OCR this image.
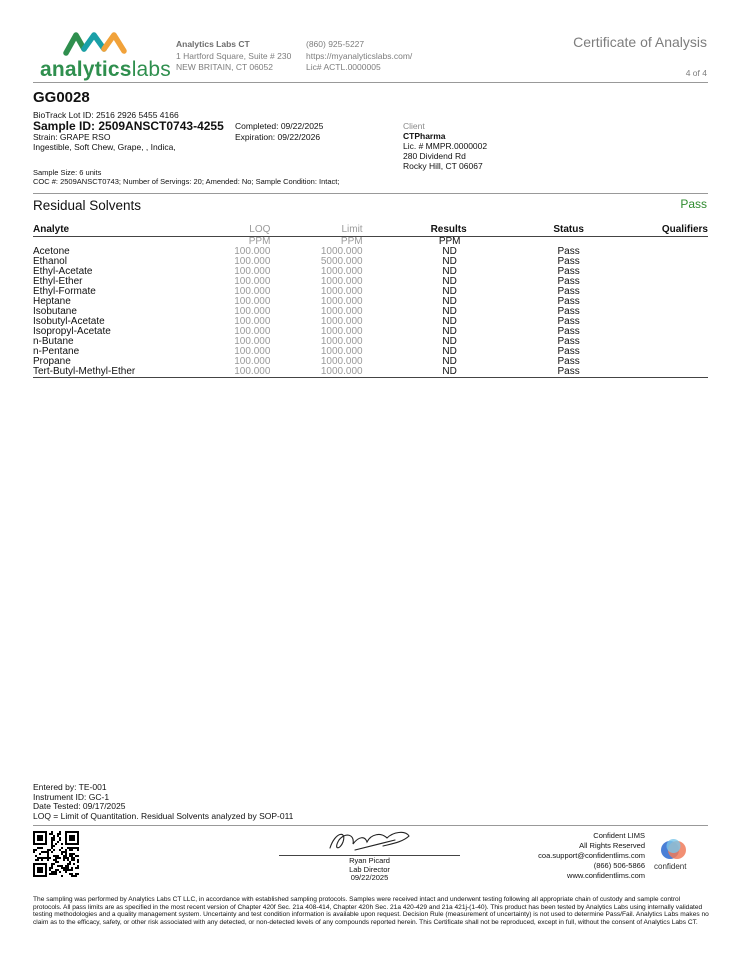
analyticslabs
Analytics Labs CT
1 Hartford Square, Suite # 230
NEW BRITAIN, CT 06052
(860) 925-5227
https://myanalyticslabs.com/
Lic# ACTL.0000005
Certificate of Analysis
4 of 4
GG0028
BioTrack Lot ID: 2516 2926 5455 4166
Sample ID: 2509ANSCT0743-4255
Strain: GRAPE RSO
Ingestible, Soft Chew, Grape, , Indica,
Completed: 09/22/2025
Expiration: 09/22/2026
Client
CTPharma
Lic. # MMPR.0000002
280 Dividend Rd
Rocky Hill, CT 06067
Sample Size: 6 units
COC #: 2509ANSCT0743; Number of Servings: 20; Amended: No; Sample Condition: Intact;
Residual Solvents	Pass
Analyte	LOQ	Limit	Results	Status	Qualifiers
	PPM	PPM	PPM		
Acetone	100.000	1000.000	ND	Pass	
Ethanol	100.000	5000.000	ND	Pass	
Ethyl-Acetate	100.000	1000.000	ND	Pass	
Ethyl-Ether	100.000	1000.000	ND	Pass	
Ethyl-Formate	100.000	1000.000	ND	Pass	
Heptane	100.000	1000.000	ND	Pass	
Isobutane	100.000	1000.000	ND	Pass	
Isobutyl-Acetate	100.000	1000.000	ND	Pass	
Isopropyl-Acetate	100.000	1000.000	ND	Pass	
n-Butane	100.000	1000.000	ND	Pass	
n-Pentane	100.000	1000.000	ND	Pass	
Propane	100.000	1000.000	ND	Pass	
Tert-Butyl-Methyl-Ether	100.000	1000.000	ND	Pass	
Entered by: TE-001
Instrument ID: GC-1
Date Tested: 09/17/2025
LOQ = Limit of Quantitation. Residual Solvents analyzed by SOP-011
Ryan Picard
Lab Director
09/22/2025
Confident LIMS
All Rights Reserved
coa.support@confidentlims.com
(866) 506-5866
www.confidentlims.com
confident
The sampling was performed by Analytics Labs CT LLC, in accordance with established sampling protocols. Samples were received intact and underwent testing following all appropriate chain of custody and sample control protocols. All pass limits are as specified in the most recent version of Chapter 420f Sec. 21a 408-414, Chapter 420h Sec. 21a 420-429 and 21a 421j-(1-40). This product has been tested by Analytics Labs using internally validated testing methodologies and a quality management system. Uncertainty and test condition information is available upon request. Decision Rule (measurement of uncertainty) is not used to determine Pass/Fail. Analytics Labs makes no claim as to the efficacy, safety, or other risk associated with any detected, or non-detected levels of any compounds reported herein. This Certificate shall not be reproduced, except in full, without the consent of Analytics Labs CT.
